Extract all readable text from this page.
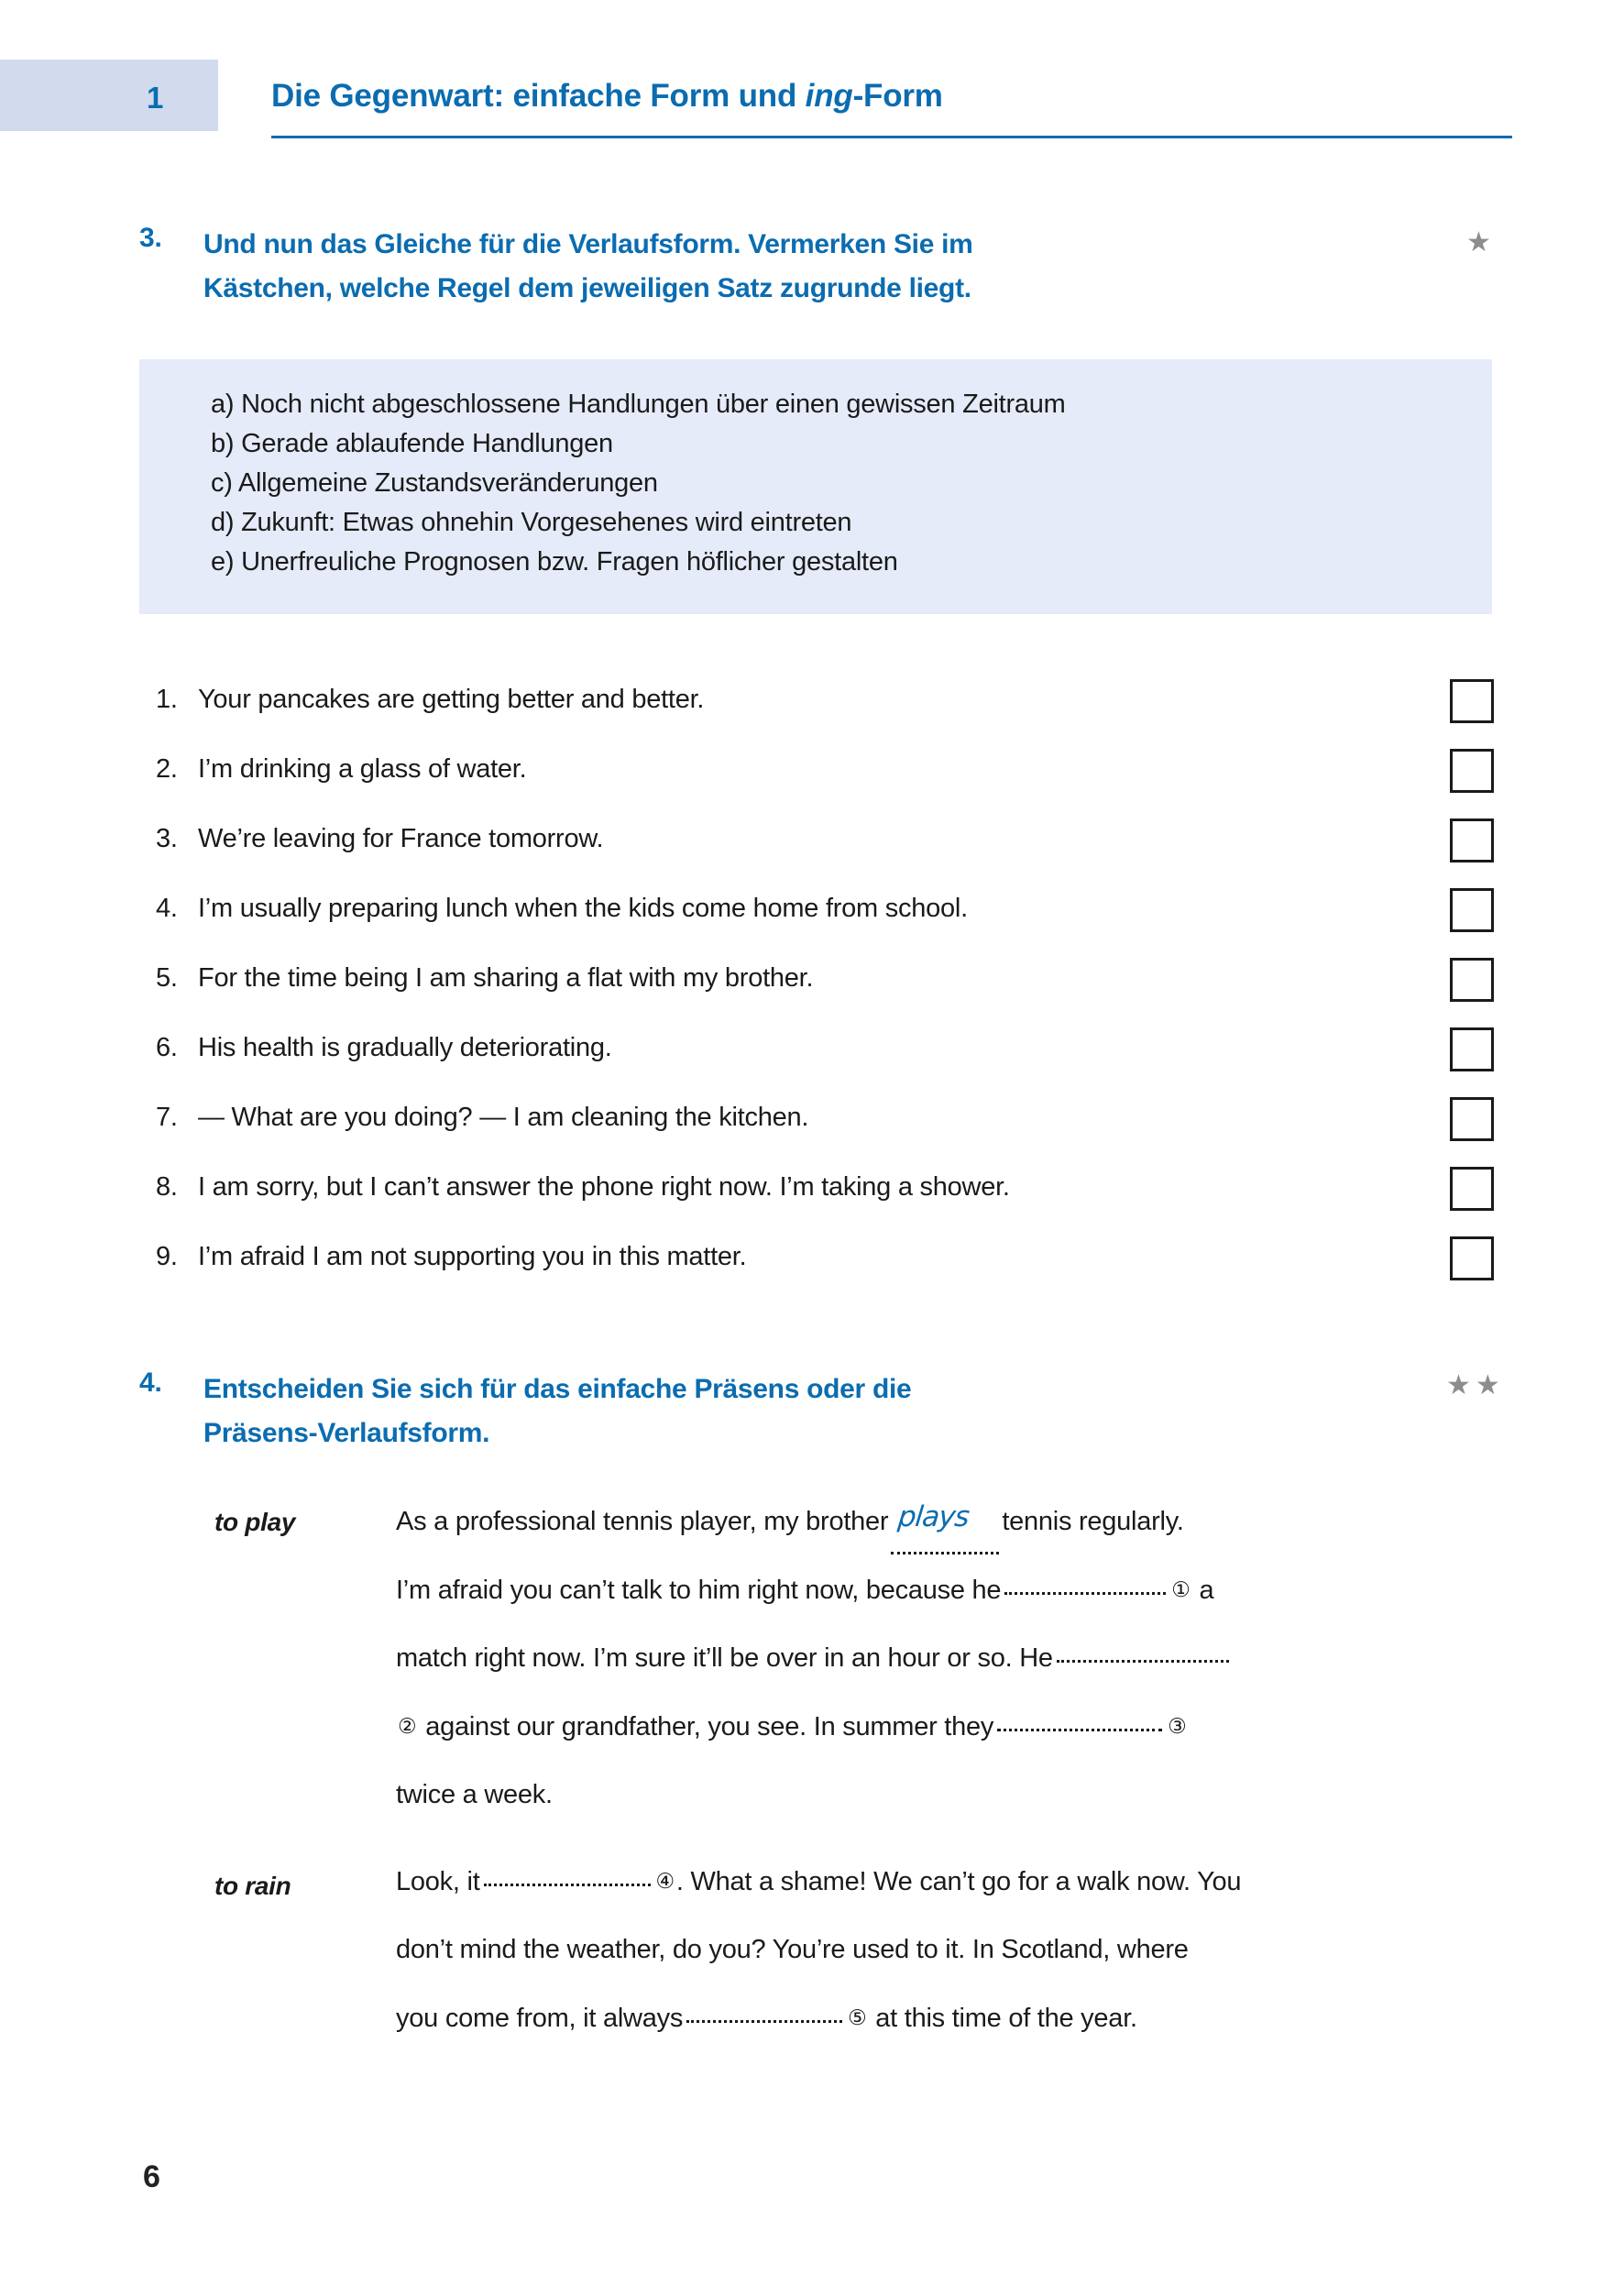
1	Die Gegenwart: einfache Form und ing-Form
3. Und nun das Gleiche für die Verlaufsform. Vermerken Sie im
Kästchen, welche Regel dem jeweiligen Satz zugrunde liegt.
★
a) Noch nicht abgeschlossene Handlungen über einen gewissen Zeitraum
b) Gerade ablaufende Handlungen
c) Allgemeine Zustandsveränderungen
d) Zukunft: Etwas ohnehin Vorgesehenes wird eintreten
e) Unerfreuliche Prognosen bzw. Fragen höflicher gestalten
1. Your pancakes are getting better and better.
2. I’m drinking a glass of water.
3. We’re leaving for France tomorrow.
4. I’m usually preparing lunch when the kids come home from school.
5. For the time being I am sharing a flat with my brother.
6. His health is gradually deteriorating.
7. — What are you doing? — I am cleaning the kitchen.
8. I am sorry, but I can’t answer the phone right now. I’m taking a shower.
9. I’m afraid I am not supporting you in this matter.
4. Entscheiden Sie sich für das einfache Präsens oder die
Präsens-Verlaufsform.
★★
to play	As a professional tennis player, my brother plays tennis regularly.
I’m afraid you can’t talk to him right now, because he	① a
match right now. I’m sure it’ll be over in an hour or so. He
② against our grandfather, you see. In summer they	③
twice a week.
to rain	Look, it	④. What a shame! We can’t go for a walk now. You
don’t mind the weather, do you? You’re used to it. In Scotland, where
you come from, it always	⑤ at this time of the year.
6
